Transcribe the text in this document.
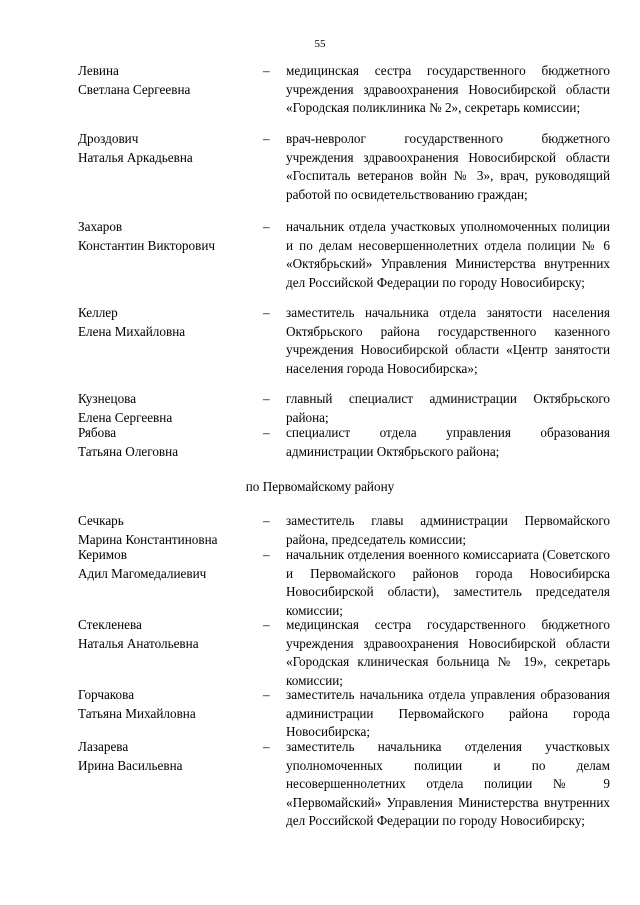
55
Левина
Светлана Сергеевна
– медицинская сестра государственного бюджетного учреждения здравоохранения Новосибирской области «Городская поликлиника № 2», секретарь комиссии;
Дроздович
Наталья Аркадьевна
– врач-невролог государственного бюджетного учреждения здравоохранения Новосибирской области «Госпиталь ветеранов войн № 3», врач, руководящий работой по освидетельствованию граждан;
Захаров
Константин Викторович
– начальник отдела участковых уполномоченных полиции и по делам несовершеннолетних отдела полиции № 6 «Октябрьский» Управления Министерства внутренних дел Российской Федерации по городу Новосибирску;
Келлер
Елена Михайловна
– заместитель начальника отдела занятости населения Октябрьского района государственного казенного учреждения Новосибирской области «Центр занятости населения города Новосибирска»;
Кузнецова
Елена Сергеевна
– главный специалист администрации Октябрьского района;
Рябова
Татьяна Олеговна
– специалист отдела управления образования администрации Октябрьского района;
по Первомайскому району
Сечкарь
Марина Константиновна
– заместитель главы администрации Первомайского района, председатель комиссии;
Керимов
Адил Магомедалиевич
– начальник отделения военного комиссариата (Советского и Первомайского районов города Новосибирска Новосибирской области), заместитель председателя комиссии;
Стекленева
Наталья Анатольевна
– медицинская сестра государственного бюджетного учреждения здравоохранения Новосибирской области «Городская клиническая больница № 19», секретарь комиссии;
Горчакова
Татьяна Михайловна
– заместитель начальника отдела управления образования администрации Первомайского района города Новосибирска;
Лазарева
Ирина Васильевна
– заместитель начальника отделения участковых уполномоченных полиции и по делам несовершеннолетних отдела полиции № 9 «Первомайский» Управления Министерства внутренних дел Российской Федерации по городу Новосибирску;
